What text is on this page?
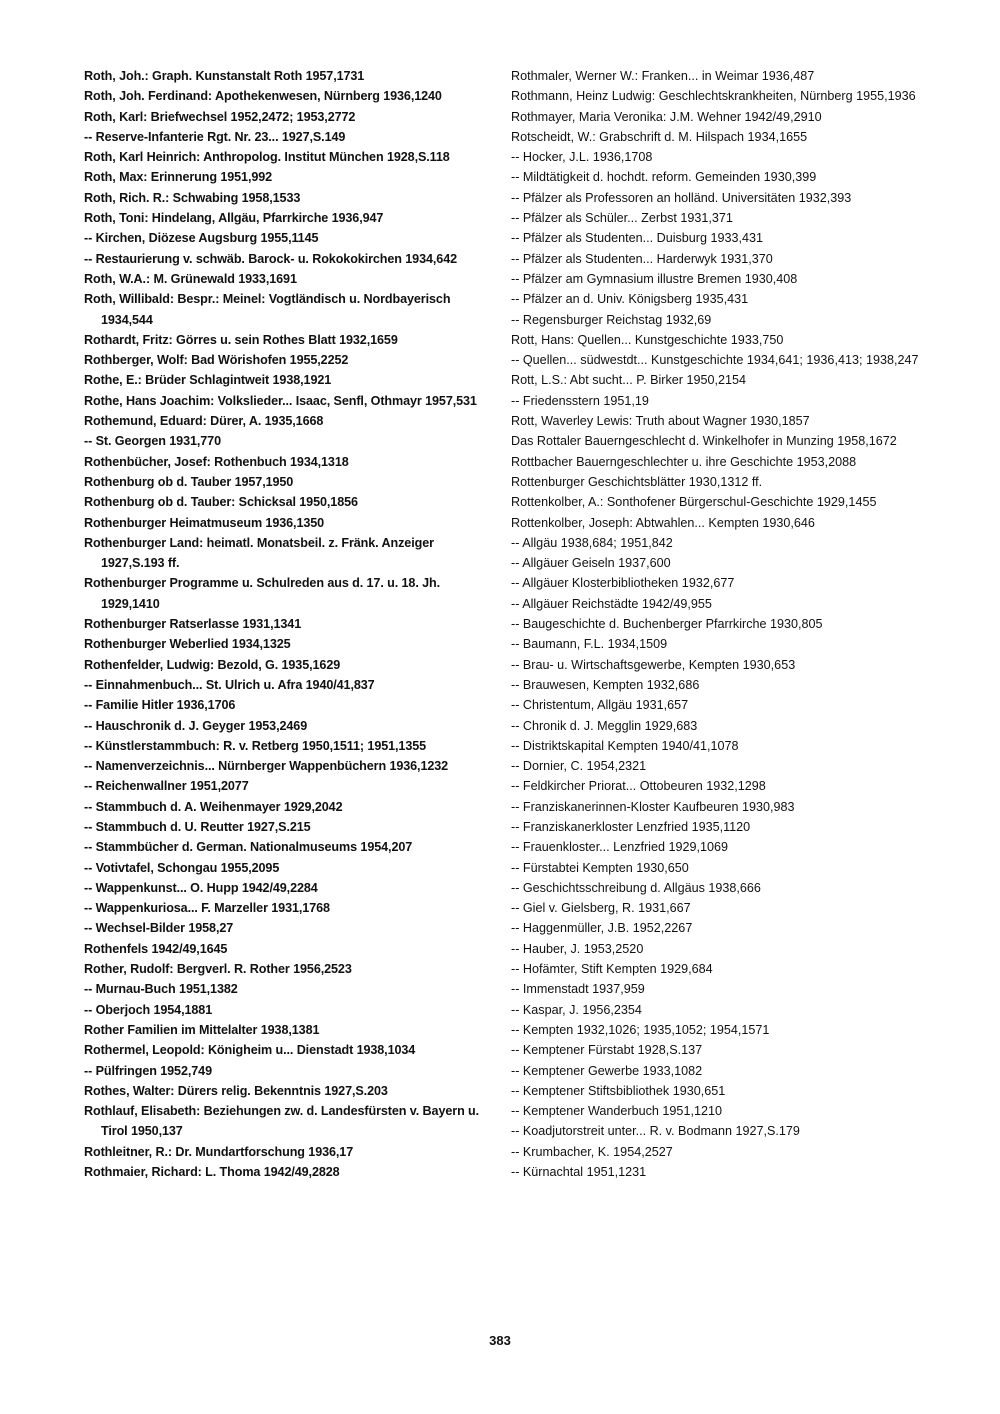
Roth, Joh.: Graph. Kunstanstalt Roth 1957,1731
Roth, Joh. Ferdinand: Apothekenwesen, Nürnberg 1936,1240
Roth, Karl: Briefwechsel 1952,2472; 1953,2772
-- Reserve-Infanterie Rgt. Nr. 23... 1927,S.149
Roth, Karl Heinrich: Anthropolog. Institut München 1928,S.118
Roth, Max: Erinnerung 1951,992
Roth, Rich. R.: Schwabing 1958,1533
Roth, Toni: Hindelang, Allgäu, Pfarrkirche 1936,947
-- Kirchen, Diözese Augsburg 1955,1145
-- Restaurierung v. schwäb. Barock- u. Rokokokirchen 1934,642
Roth, W.A.: M. Grünewald 1933,1691
Roth, Willibald: Bespr.: Meinel: Vogtländisch u. Nordbayerisch 1934,544
Rothardt, Fritz: Görres u. sein Rothes Blatt 1932,1659
Rothberger, Wolf: Bad Wörishofen 1955,2252
Rothe, E.: Brüder Schlagintweit 1938,1921
Rothe, Hans Joachim: Volkslieder... Isaac, Senfl, Othmayr 1957,531
Rothemund, Eduard: Dürer, A. 1935,1668
-- St. Georgen 1931,770
Rothenbücher, Josef: Rothenbuch 1934,1318
Rothenburg ob d. Tauber 1957,1950
Rothenburg ob d. Tauber: Schicksal 1950,1856
Rothenburger Heimatmuseum 1936,1350
Rothenburger Land: heimatl. Monatsbeil. z. Fränk. Anzeiger 1927,S.193 ff.
Rothenburger Programme u. Schulreden aus d. 17. u. 18. Jh. 1929,1410
Rothenburger Ratserlasse 1931,1341
Rothenburger Weberlied 1934,1325
Rothenfelder, Ludwig: Bezold, G. 1935,1629
-- Einnahmenbuch... St. Ulrich u. Afra 1940/41,837
-- Familie Hitler 1936,1706
-- Hauschronik d. J. Geyger 1953,2469
-- Künstlerstammbuch: R. v. Retberg 1950,1511; 1951,1355
-- Namenverzeichnis... Nürnberger Wappenbüchern 1936,1232
-- Reichenwallner 1951,2077
-- Stammbuch d. A. Weihenmayer 1929,2042
-- Stammbuch d. U. Reutter 1927,S.215
-- Stammbücher d. German. Nationalmuseums 1954,207
-- Votivtafel, Schongau 1955,2095
-- Wappenkunst... O. Hupp 1942/49,2284
-- Wappenkuriosa... F. Marzeller 1931,1768
-- Wechsel-Bilder 1958,27
Rothenfels 1942/49,1645
Rother, Rudolf: Bergverl. R. Rother 1956,2523
-- Murnau-Buch 1951,1382
-- Oberjoch 1954,1881
Rother Familien im Mittelalter 1938,1381
Rothermel, Leopold: Königheim u... Dienstadt 1938,1034
-- Pülfringen 1952,749
Rothes, Walter: Dürers relig. Bekenntnis 1927,S.203
Rothlauf, Elisabeth: Beziehungen zw. d. Landesfürsten v. Bayern u. Tirol 1950,137
Rothleitner, R.: Dr. Mundartforschung 1936,17
Rothmaier, Richard: L. Thoma 1942/49,2828
Rothmaler, Werner W.: Franken... in Weimar 1936,487
Rothmann, Heinz Ludwig: Geschlechtskrankheiten, Nürnberg 1955,1936
Rothmayer, Maria Veronika: J.M. Wehner 1942/49,2910
Rotscheidt, W.: Grabschrift d. M. Hilspach 1934,1655
-- Hocker, J.L. 1936,1708
-- Mildtätigkeit d. hochdt. reform. Gemeinden 1930,399
-- Pfälzer als Professoren an holländ. Universitäten 1932,393
-- Pfälzer als Schüler... Zerbst 1931,371
-- Pfälzer als Studenten... Duisburg 1933,431
-- Pfälzer als Studenten... Harderwyk 1931,370
-- Pfälzer am Gymnasium illustre Bremen 1930,408
-- Pfälzer an d. Univ. Königsberg 1935,431
-- Regensburger Reichstag 1932,69
Rott, Hans: Quellen... Kunstgeschichte 1933,750
-- Quellen... südwestdt... Kunstgeschichte 1934,641; 1936,413; 1938,247
Rott, L.S.: Abt sucht... P. Birker 1950,2154
-- Friedensstern 1951,19
Rott, Waverley Lewis: Truth about Wagner 1930,1857
Das Rottaler Bauerngeschlecht d. Winkelhofer in Munzing 1958,1672
Rottbacher Bauerngeschlechter u. ihre Geschichte 1953,2088
Rottenburger Geschichtsblätter 1930,1312 ff.
Rottenkolber, A.: Sonthofener Bürgerschul-Geschichte 1929,1455
Rottenkolber, Joseph: Abtwahlen... Kempten 1930,646
-- Allgäu 1938,684; 1951,842
-- Allgäuer Geiseln 1937,600
-- Allgäuer Klosterbibliotheken 1932,677
-- Allgäuer Reichstädte 1942/49,955
-- Baugeschichte d. Buchenberger Pfarrkirche 1930,805
-- Baumann, F.L. 1934,1509
-- Brau- u. Wirtschaftsgewerbe, Kempten 1930,653
-- Brauwesen, Kempten 1932,686
-- Christentum, Allgäu 1931,657
-- Chronik d. J. Megglin 1929,683
-- Distriktskapital Kempten 1940/41,1078
-- Dornier, C. 1954,2321
-- Feldkircher Priorat... Ottobeuren 1932,1298
-- Franziskanerinnen-Kloster Kaufbeuren 1930,983
-- Franziskanerkloster Lenzfried 1935,1120
-- Frauenkloster... Lenzfried 1929,1069
-- Fürstabtei Kempten 1930,650
-- Geschichtsschreibung d. Allgäus 1938,666
-- Giel v. Gielsberg, R. 1931,667
-- Haggenmüller, J.B. 1952,2267
-- Hauber, J. 1953,2520
-- Hofämter, Stift Kempten 1929,684
-- Immenstadt 1937,959
-- Kaspar, J. 1956,2354
-- Kempten 1932,1026; 1935,1052; 1954,1571
-- Kemptener Fürstabt 1928,S.137
-- Kemptener Gewerbe 1933,1082
-- Kemptener Stiftsbibliothek 1930,651
-- Kemptener Wanderbuch 1951,1210
-- Koadjutorstreit unter... R. v. Bodmann 1927,S.179
-- Krumbacher, K. 1954,2527
-- Kürnachtal 1951,1231
383
